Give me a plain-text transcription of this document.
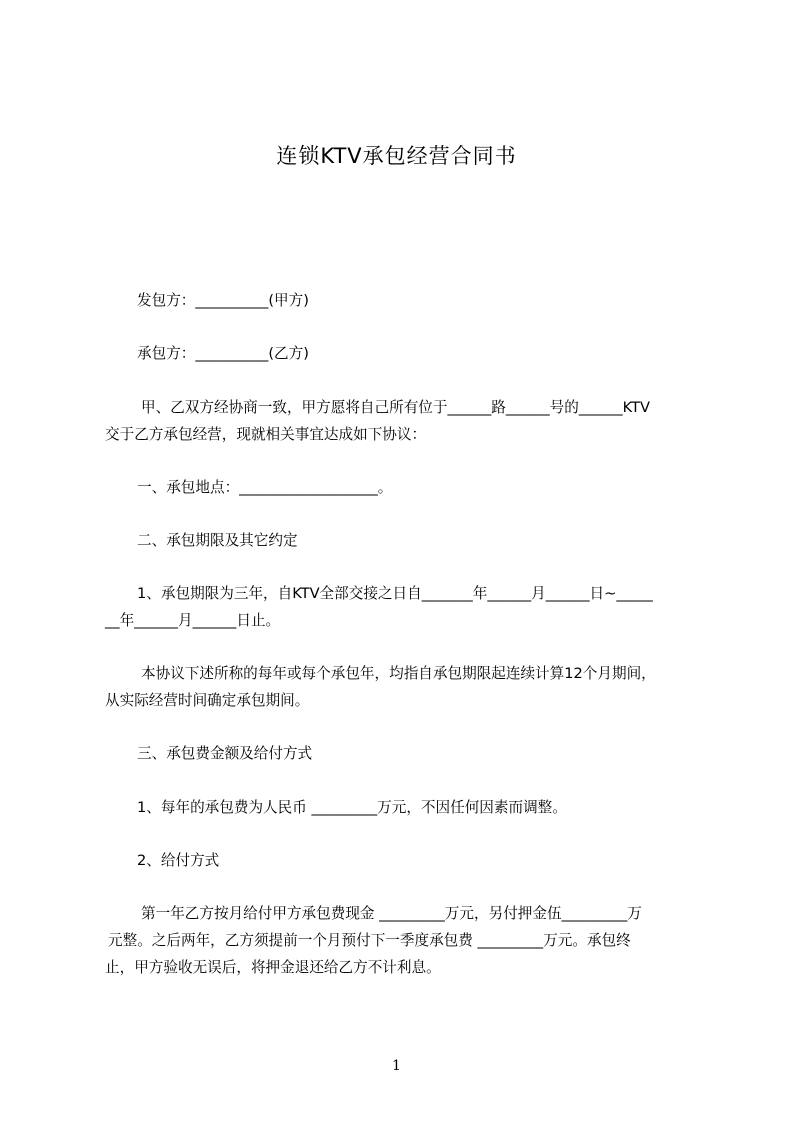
连锁KTV承包经营合同书
发包方：__________(甲方)
承包方：__________(乙方)
甲、乙双方经协商一致，甲方愿将自己所有位于______路______号的______KTV
交于乙方承包经营，现就相关事宜达成如下协议：
一、承包地点：___________________。
二、承包期限及其它约定
1、承包期限为三年，自KTV全部交接之日自_______年______月______日~_____
__年______月______日止。
本协议下述所称的每年或每个承包年，均指自承包期限起连续计算12个月期间，
从实际经营时间确定承包期间。
三、承包费金额及给付方式
1、每年的承包费为人民币 _________万元，不因任何因素而调整。
2、给付方式
第一年乙方按月给付甲方承包费现金 _________万元，另付押金伍_________万
元整。之后两年，乙方须提前一个月预付下一季度承包费 _________万元。承包终
止，甲方验收无误后，将押金退还给乙方不计利息。
1
